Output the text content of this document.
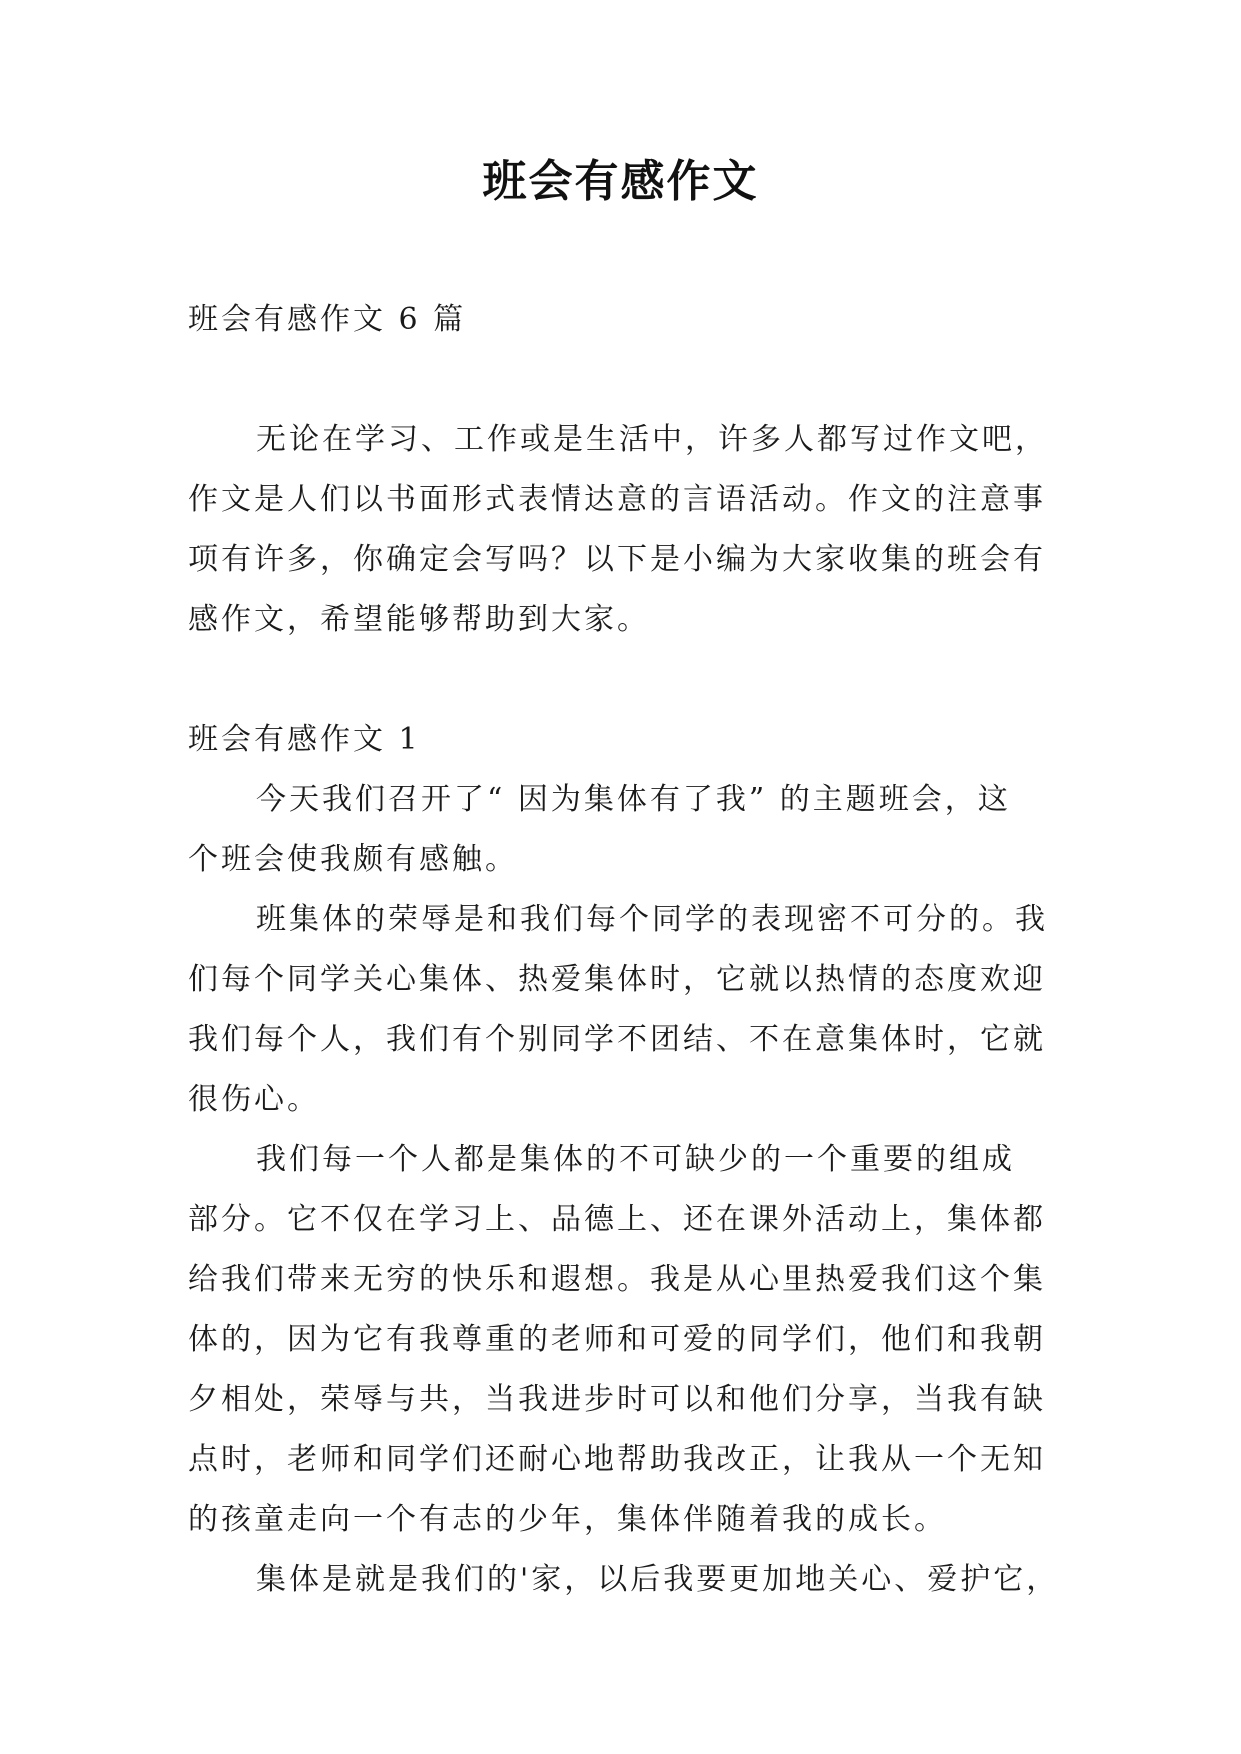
班会有感作文
班会有感作文 6 篇
无论在学习、工作或是生活中，许多人都写过作文吧，
作文是人们以书面形式表情达意的言语活动。作文的注意事
项有许多，你确定会写吗？以下是小编为大家收集的班会有
感作文，希望能够帮助到大家。
班会有感作文 1
今天我们召开了“ 因为集体有了我” 的主题班会，这
个班会使我颇有感触。
班集体的荣辱是和我们每个同学的表现密不可分的。我
们每个同学关心集体、热爱集体时，它就以热情的态度欢迎
我们每个人，我们有个别同学不团结、不在意集体时，它就
很伤心。
我们每一个人都是集体的不可缺少的一个重要的组成
部分。它不仅在学习上、品德上、还在课外活动上，集体都
给我们带来无穷的快乐和遐想。我是从心里热爱我们这个集
体的，因为它有我尊重的老师和可爱的同学们，他们和我朝
夕相处，荣辱与共，当我进步时可以和他们分享，当我有缺
点时，老师和同学们还耐心地帮助我改正，让我从一个无知
的孩童走向一个有志的少年，集体伴随着我的成长。
集体是就是我们的'家，以后我要更加地关心、爱护它，
